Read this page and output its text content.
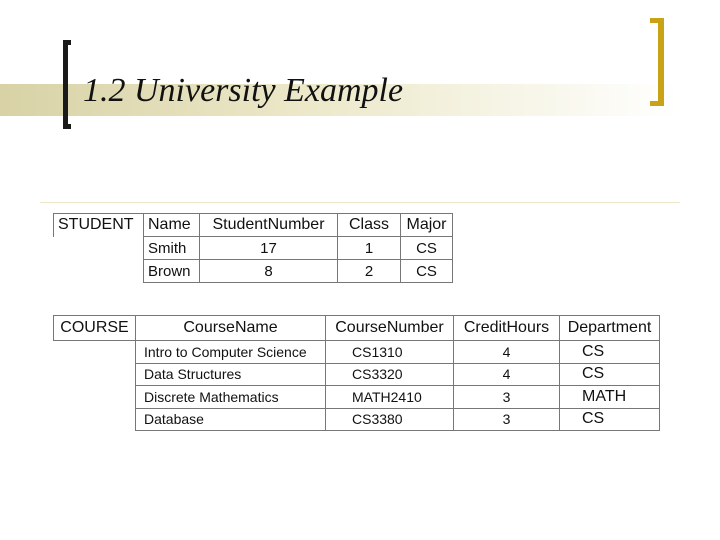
1.2 University Example
STUDENT	Name	StudentNumber	Class	Major
	Smith	17	1	CS
	Brown	8	2	CS
COURSE	CourseName	CourseNumber	CreditHours	Department
	Intro to Computer Science	CS1310	4	CS
	Data Structures	CS3320	4	CS
	Discrete Mathematics	MATH2410	3	MATH
	Database	CS3380	3	CS
